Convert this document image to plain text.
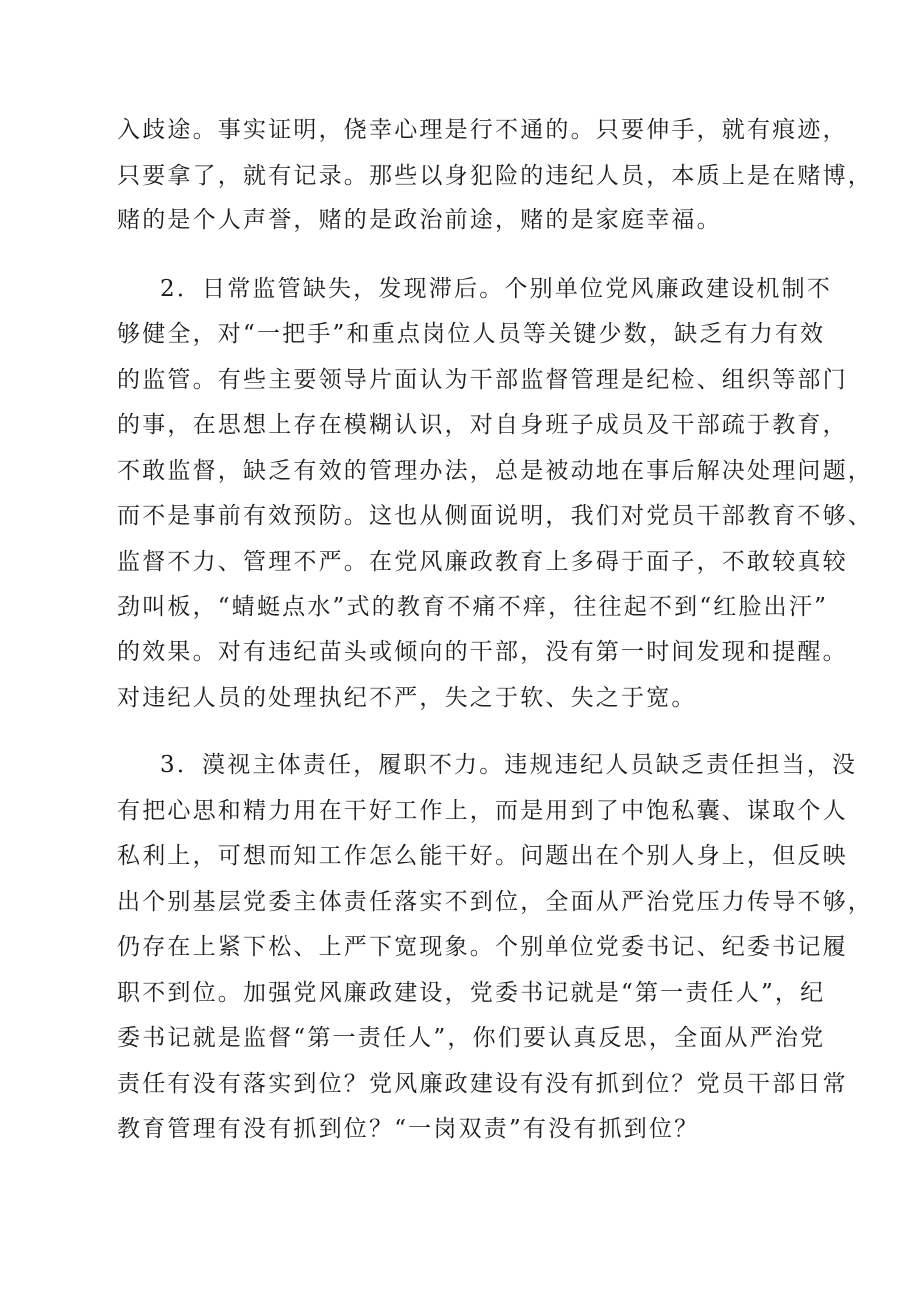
入歧途。事实证明，侥幸心理是行不通的。只要伸手，就有痕迹，
只要拿了，就有记录。那些以身犯险的违纪人员，本质上是在赌博，
赌的是个人声誉，赌的是政治前途，赌的是家庭幸福。
2．日常监管缺失，发现滞后。个别单位党风廉政建设机制不
够健全，对“一把手”和重点岗位人员等关键少数，缺乏有力有效
的监管。有些主要领导片面认为干部监督管理是纪检、组织等部门
的事，在思想上存在模糊认识，对自身班子成员及干部疏于教育，
不敢监督，缺乏有效的管理办法，总是被动地在事后解决处理问题，
而不是事前有效预防。这也从侧面说明，我们对党员干部教育不够、
监督不力、管理不严。在党风廉政教育上多碍于面子，不敢较真较
劲叫板，“蜻蜓点水”式的教育不痛不痒，往往起不到“红脸出汗”
的效果。对有违纪苗头或倾向的干部，没有第一时间发现和提醒。
对违纪人员的处理执纪不严，失之于软、失之于宽。
3．漠视主体责任，履职不力。违规违纪人员缺乏责任担当，没
有把心思和精力用在干好工作上，而是用到了中饱私囊、谋取个人
私利上，可想而知工作怎么能干好。问题出在个别人身上，但反映
出个别基层党委主体责任落实不到位，全面从严治党压力传导不够，
仍存在上紧下松、上严下宽现象。个别单位党委书记、纪委书记履
职不到位。加强党风廉政建设，党委书记就是“第一责任人”，纪
委书记就是监督“第一责任人”，你们要认真反思，全面从严治党
责任有没有落实到位？党风廉政建设有没有抓到位？党员干部日常
教育管理有没有抓到位？“一岗双责”有没有抓到位？
